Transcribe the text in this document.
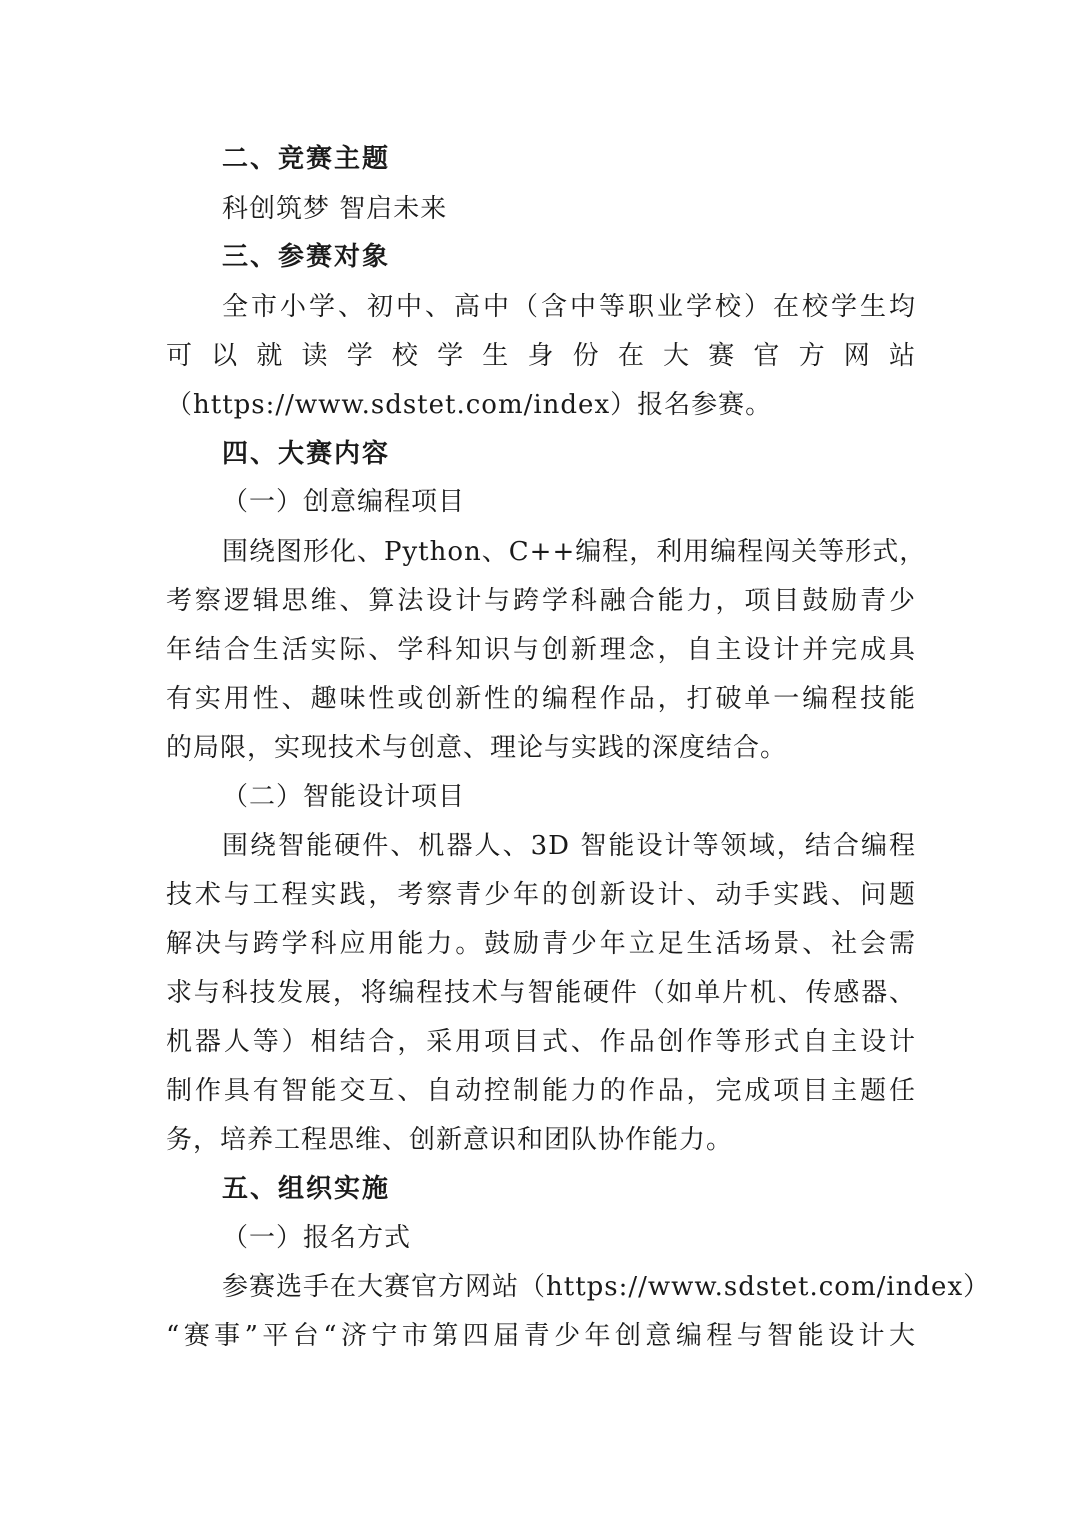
二、竞赛主题
科创筑梦 智启未来
三、参赛对象
全市小学、初中、高中（含中等职业学校）在校学生均
可以就读学校学生身份在大赛官方网站
（https://www.sdstet.com/index）报名参赛。
四、大赛内容
（一）创意编程项目
围绕图形化、Python、C++编程，利用编程闯关等形式，
考察逻辑思维、算法设计与跨学科融合能力，项目鼓励青少
年结合生活实际、学科知识与创新理念，自主设计并完成具
有实用性、趣味性或创新性的编程作品，打破单一编程技能
的局限，实现技术与创意、理论与实践的深度结合。
（二）智能设计项目
围绕智能硬件、机器人、3D 智能设计等领域，结合编程
技术与工程实践，考察青少年的创新设计、动手实践、问题
解决与跨学科应用能力。鼓励青少年立足生活场景、社会需
求与科技发展，将编程技术与智能硬件（如单片机、传感器、
机器人等）相结合，采用项目式、作品创作等形式自主设计
制作具有智能交互、自动控制能力的作品，完成项目主题任
务，培养工程思维、创新意识和团队协作能力。
五、组织实施
（一）报名方式
参赛选手在大赛官方网站（https://www.sdstet.com/index）
“赛事”平台“济宁市第四届青少年创意编程与智能设计大
